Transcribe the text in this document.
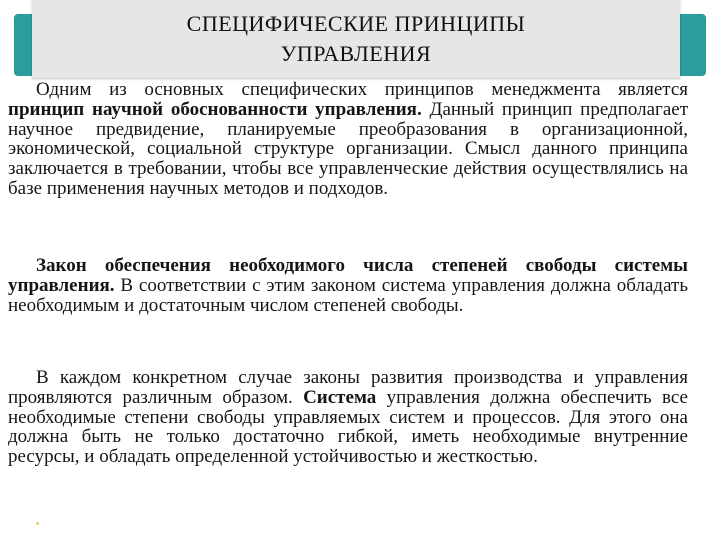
СПЕЦИФИЧЕСКИЕ ПРИНЦИПЫ
УПРАВЛЕНИЯ

Одним из основных специфических принципов менеджмента является принцип научной обоснованности управления. Данный принцип предполагает научное предвидение, планируемые преобразования в организационной, экономической, социальной структуре организации. Смысл данного принципа заключается в требовании, чтобы все управленческие действия осуществлялись на базе применения научных методов и подходов.

Закон обеспечения необходимого числа степеней свободы системы управления. В соответствии с этим законом система управления должна обладать необходимым и достаточным числом степеней свободы.

В каждом конкретном случае законы развития производства и управления проявляются различным образом. Система управления должна обеспечить все необходимые степени свободы управляемых систем и процессов. Для этого она должна быть не только достаточно гибкой, иметь необходимые внутренние ресурсы, и обладать определенной устойчивостью и жесткостью.
